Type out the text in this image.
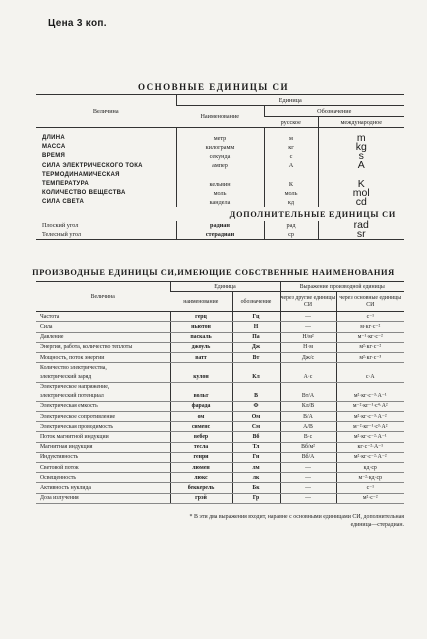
Цена 3 коп.
ОСНОВНЫЕ ЕДИНИЦЫ СИ
Величина	Единица		
	Наименование	Обозначение	
		русское	международное

ДЛИНА	метр	м	m
МАССА	килограмм	кг	kg
ВРЕМЯ	секунда	с	s
СИЛА ЭЛЕКТРИЧЕСКОГО ТОКА	ампер	А	A
ТЕРМОДИНАМИЧЕСКАЯ			
ТЕМПЕРАТУРА	кельвин	К	K
КОЛИЧЕСТВО ВЕЩЕСТВА	моль	моль	mol
СИЛА СВЕТА	кандела	кд	cd
ДОПОЛНИТЕЛЬНЫЕ ЕДИНИЦЫ СИ			
Плоский угол	радиан	рад	rad
Телесный угол	стерадиан	ср	sr
ПРОИЗВОДНЫЕ ЕДИНИЦЫ СИ,ИМЕЮЩИЕ СОБСТВЕННЫЕ НАИМЕНОВАНИЯ
Величина	Единица		Выражение производной единицы	
	наименование	обозначение	через другие единицы СИ	через основные единицы СИ
Частота	герц	Гц	—	с⁻¹
Сила	ньютон	Н	—	м·кг·с⁻²
Давление	паскаль	Па	Н/м²	м⁻¹·кг·с⁻²
Энергия, работа, количество теплоты	джоуль	Дж	Н·м	м²·кг·с⁻²
Мощность, поток энергии	ватт	Вт	Дж/с	м²·кг·с⁻³
Количество электричества,				
электрический заряд	кулон	Кл	А·с	с·А
Электрическое напряжение,				
электрический потенциал	вольт	В	Вт/А	м²·кг·с⁻³·А⁻¹
Электрическая емкость	фарада	Ф	Кл/В	м⁻²·кг⁻¹·с⁴·А²
Электрическое сопротивление	ом	Ом	В/А	м²·кг·с⁻³·А⁻²
Электрическая проводимость	сименс	См	А/В	м⁻²·кг⁻¹·с³·А²
Поток магнитной индукции	вебер	Вб	В·с	м²·кг·с⁻²·А⁻¹
Магнитная индукция	тесла	Тл	Вб/м²	кг·с⁻²·А⁻¹
Индуктивность	генри	Гн	Вб/А	м²·кг·с⁻²·А⁻²
Световой поток	люмен	лм	—	кд·ср
Освещенность	люкс	лк	—	м⁻²·кд·ср
Активность нуклида	беккерель	Бк	—	с⁻¹
Доза излучения	грэй	Гр	—	м²·с⁻²
* В эти два выражения входит, наравне с основными единицами СИ, дополнительная
единица—стерадиан.
